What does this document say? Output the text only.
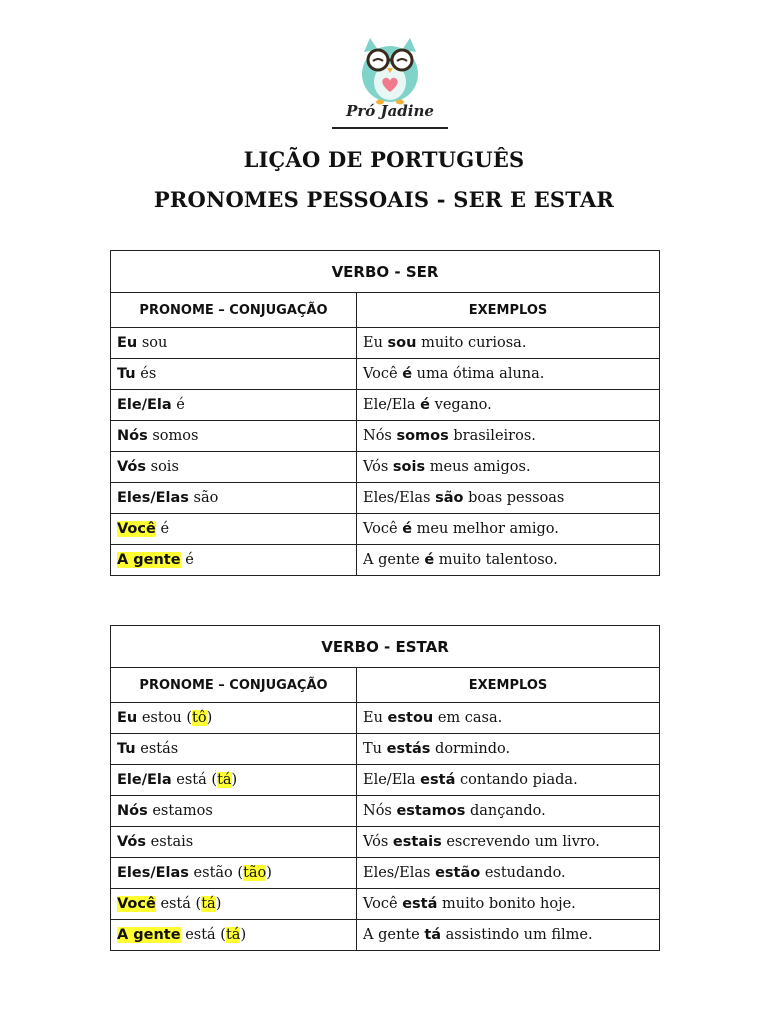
Pró Jadine
LIÇÃO DE PORTUGUÊS
PRONOMES PESSOAIS - SER E ESTAR
VERBO - SER	
PRONOME – CONJUGAÇÃO	EXEMPLOS
Eu sou	Eu sou muito curiosa.
Tu és	Você é uma ótima aluna.
Ele/Ela é	Ele/Ela é vegano.
Nós somos	Nós somos brasileiros.
Vós sois	Vós sois meus amigos.
Eles/Elas são	Eles/Elas são boas pessoas
Você é	Você é meu melhor amigo.
A gente é	A gente é muito talentoso.
VERBO - ESTAR	
PRONOME – CONJUGAÇÃO	EXEMPLOS
Eu estou (tô)	Eu estou em casa.
Tu estás	Tu estás dormindo.
Ele/Ela está (tá)	Ele/Ela está contando piada.
Nós estamos	Nós estamos dançando.
Vós estais	Vós estais escrevendo um livro.
Eles/Elas estão (tão)	Eles/Elas estão estudando.
Você está (tá)	Você está muito bonito hoje.
A gente está (tá)	A gente tá assistindo um filme.
